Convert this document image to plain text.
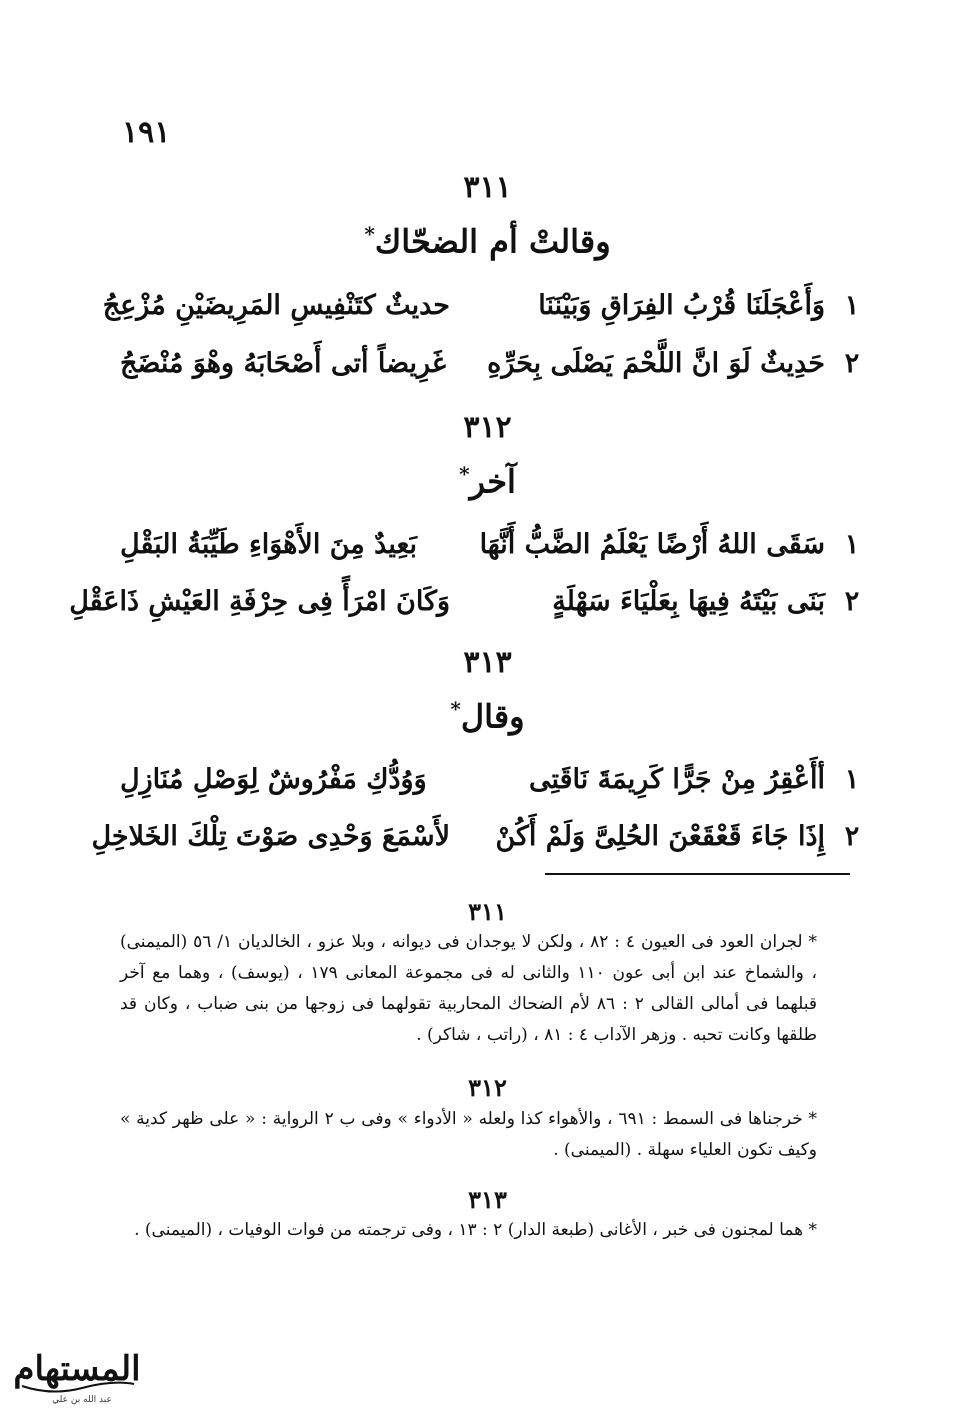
١٩١
٣١١
وقالتْ أم الضحّاك*
١
وَأَعْجَلَنَا قُرْبُ الفِرَاقِ وَبَيْنَنَا
حديثٌ كتَنْفِيسِ المَرِيضَيْنِ مُزْعِجُ
٢
حَدِيثٌ لَوَ انَّ اللَّحْمَ يَصْلَى بِحَرِّهِ
غَرِيضاً أتى أَصْحَابَهُ وهْوَ مُنْضَجُ
٣١٢
آخر*
١
سَقَى اللهُ أَرْضًا يَعْلَمُ الضَّبُّ أَنَّهَا
بَعِيدٌ مِنَ الأَهْوَاءِ طَيِّبَةُ البَقْلِ
٢
بَنَى بَيْتَهُ فِيهَا بِعَلْيَاءَ سَهْلَةٍ
وَكَانَ امْرَأً فِى حِرْفَةِ العَيْشِ ذَاعَقْلِ
٣١٣
وقال*
١
أأَعْقِرُ مِنْ جَرًّا كَرِيمَةَ نَاقَتِى
وَوُدُّكِ مَفْرُوشٌ لِوَصْلِ مُنَازِلِ
٢
إِذَا جَاءَ قَعْقَعْنَ الحُلِىَّ وَلَمْ أَكُنْ
لأَسْمَعَ وَحْدِى صَوْتَ تِلْكَ الخَلاخِلِ
٣١١
* لجران العود فى العيون ٤ : ٨٢ ، ولكن لا يوجدان فى ديوانه ، وبلا عزو ، الخالديان ١/ ٥٦ (الميمنى) ، والشماخ عند ابن أبى عون ١١٠ والثانى له فى مجموعة المعانى ١٧٩ ، (يوسف) ، وهما مع آخر قبلهما فى أمالى القالى ٢ : ٨٦ لأم الضحاك المحاربية تقولهما فى زوجها من بنى ضباب ، وكان قد طلقها وكانت تحبه . وزهر الآداب ٤ : ٨١ ، (راتب ، شاكر) .
٣١٢
* خرجناها فى السمط : ٦٩١ ، والأهواء كذا ولعله « الأدواء » وفى ب ٢ الرواية : « على ظهر كدية » وكيف تكون العلياء سهلة . (الميمنى) .
٣١٣
* هما لمجنون فى خبر ، الأغانى (طبعة الدار) ٢ : ١٣ ، وفى ترجمته من فوات الوفيات ، (الميمنى) .
المستهام
عبد الله بن علي
